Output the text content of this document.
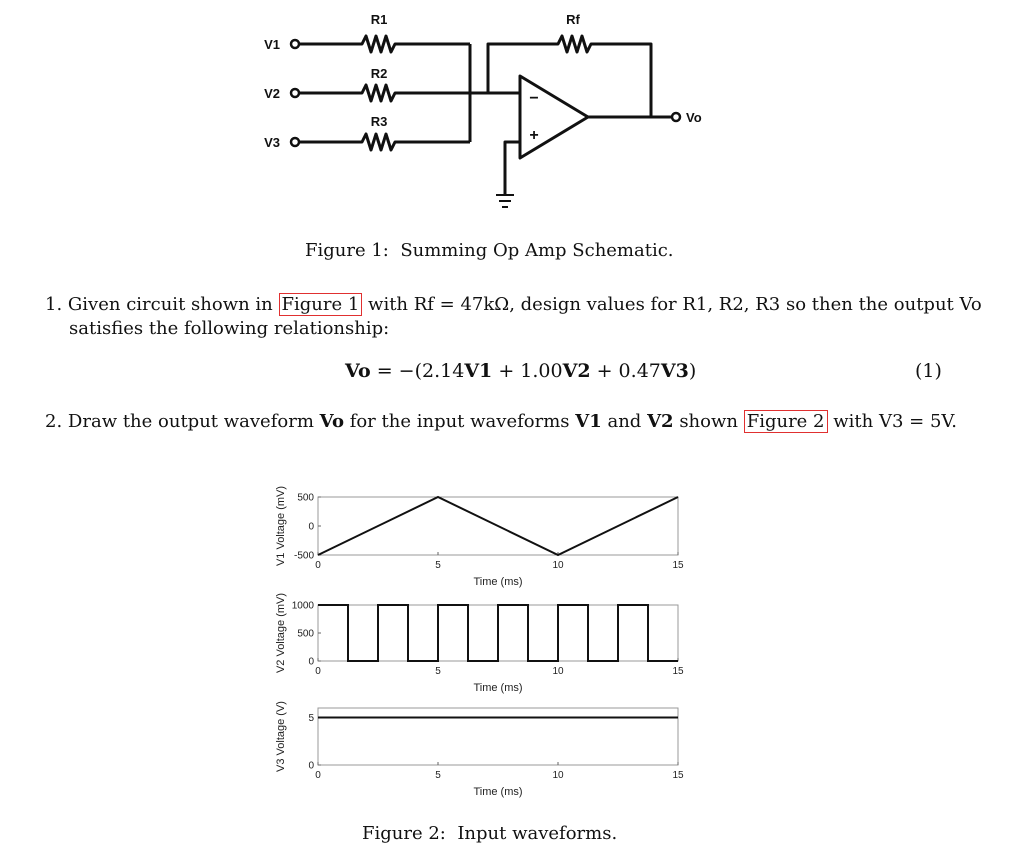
V1
V2
V3
R1
R2
R3
Rf
Vo
−
+
Figure 1: Summing Op Amp Schematic.
1. Given circuit shown in Figure 1 with Rf = 47kΩ, design values for R1, R2, R3 so then the output Vo
satisfies the following relationship:
Vo = −(2.14V1 + 1.00V2 + 0.47V3)	(1)
2. Draw the output waveform Vo for the input waveforms V1 and V2 shown Figure 2 with V3 = 5V.
0	5	10	15
500
0
-500
Time (ms)
V1 Voltage (mV)
0	5	10	15
1000
500
0
Time (ms)
V2 Voltage (mV)
0	5	10	15
5
0
Time (ms)
V3 Voltage (V)
Figure 2: Input waveforms.
